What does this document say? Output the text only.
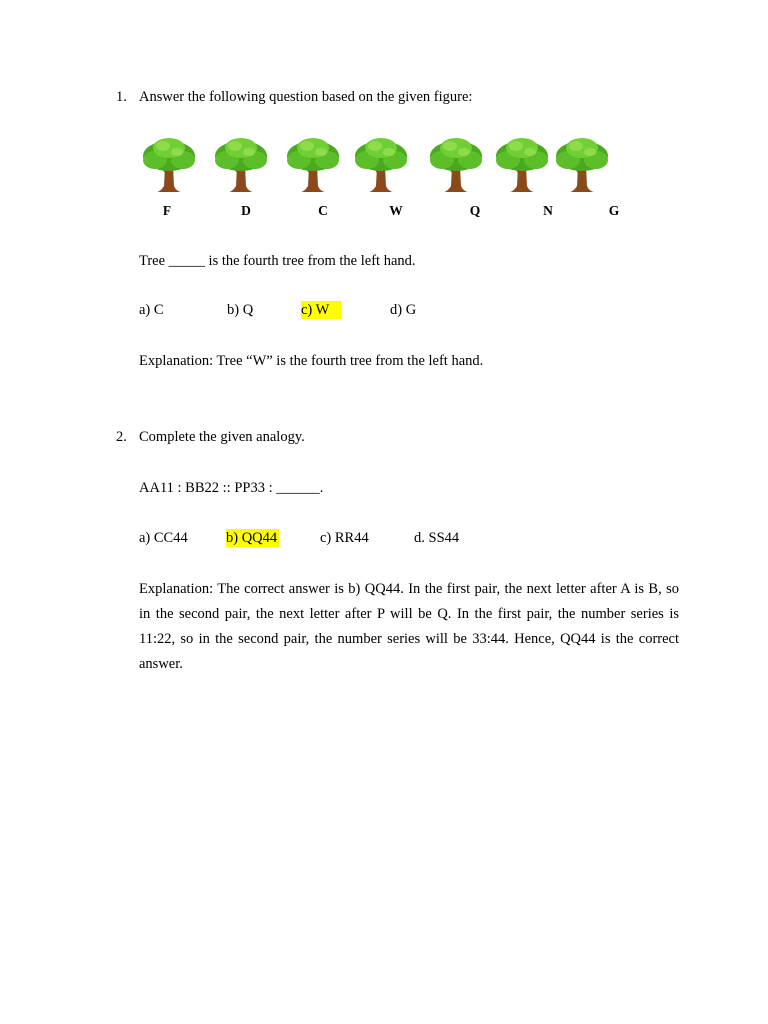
1. Answer the following question based on the given figure:
F	D	C	W	Q	N	G
Tree _____ is the fourth tree from the left hand.
a) C	b) Q	c) W	d) G
Explanation: Tree “W” is the fourth tree from the left hand.
2. Complete the given analogy.
AA11 : BB22 :: PP33 : ______.
a) CC44	b) QQ44	c) RR44	d. SS44
Explanation: The correct answer is b) QQ44. In the first pair, the next letter after A is B, so in the second pair, the next letter after P will be Q. In the first pair, the number series is 11:22, so in the second pair, the number series will be 33:44. Hence, QQ44 is the correct answer.
